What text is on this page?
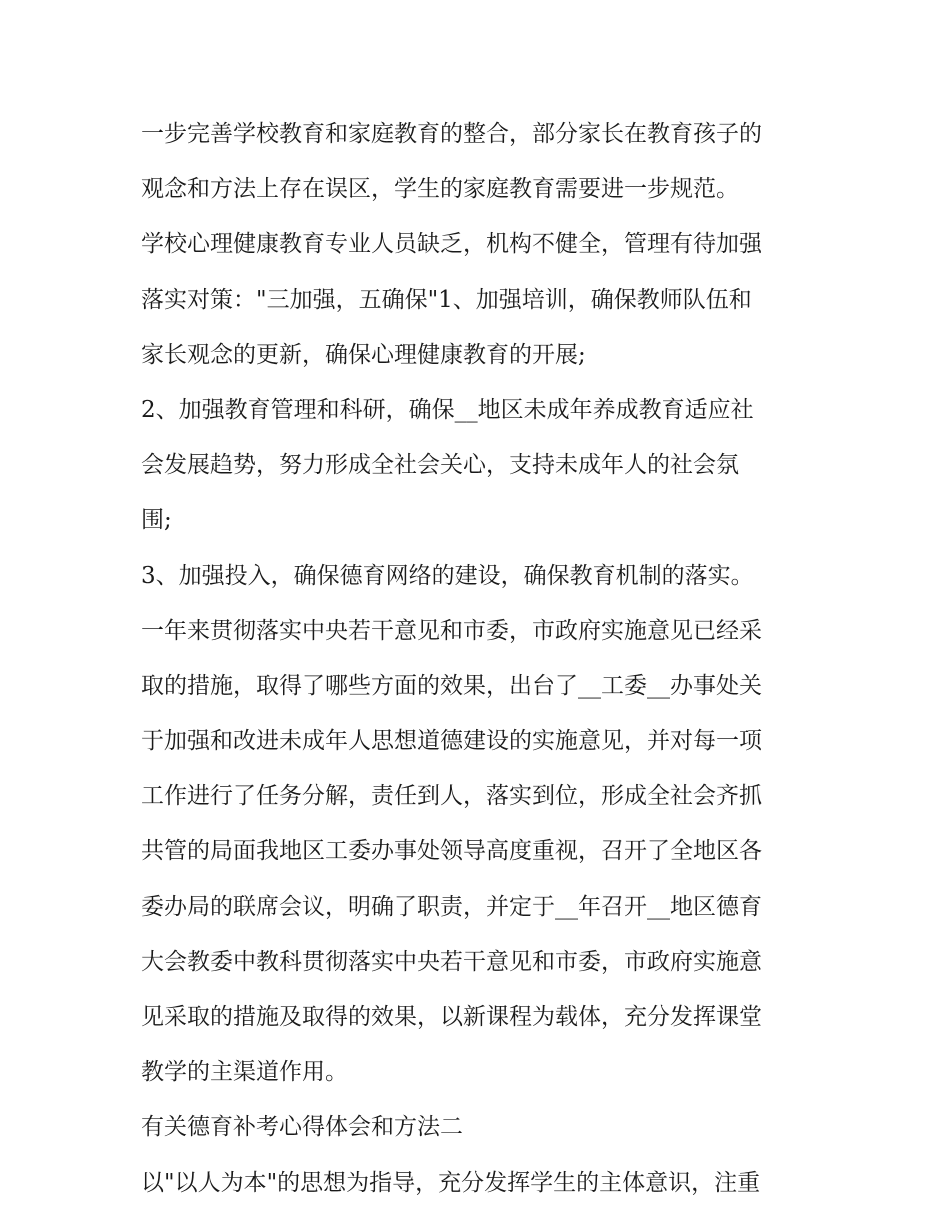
一步完善学校教育和家庭教育的整合，部分家长在教育孩子的
观念和方法上存在误区，学生的家庭教育需要进一步规范。
学校心理健康教育专业人员缺乏，机构不健全，管理有待加强
落实对策："三加强，五确保"1、加强培训，确保教师队伍和
家长观念的更新，确保心理健康教育的开展;
2、加强教育管理和科研，确保__地区未成年养成教育适应社
会发展趋势，努力形成全社会关心，支持未成年人的社会氛
围;
3、加强投入，确保德育网络的建设，确保教育机制的落实。
一年来贯彻落实中央若干意见和市委，市政府实施意见已经采
取的措施，取得了哪些方面的效果，出台了__工委__办事处关
于加强和改进未成年人思想道德建设的实施意见，并对每一项
工作进行了任务分解，责任到人，落实到位，形成全社会齐抓
共管的局面我地区工委办事处领导高度重视，召开了全地区各
委办局的联席会议，明确了职责，并定于__年召开__地区德育
大会教委中教科贯彻落实中央若干意见和市委，市政府实施意
见采取的措施及取得的效果，以新课程为载体，充分发挥课堂
教学的主渠道作用。
有关德育补考心得体会和方法二
以"以人为本"的思想为指导，充分发挥学生的主体意识，注重
